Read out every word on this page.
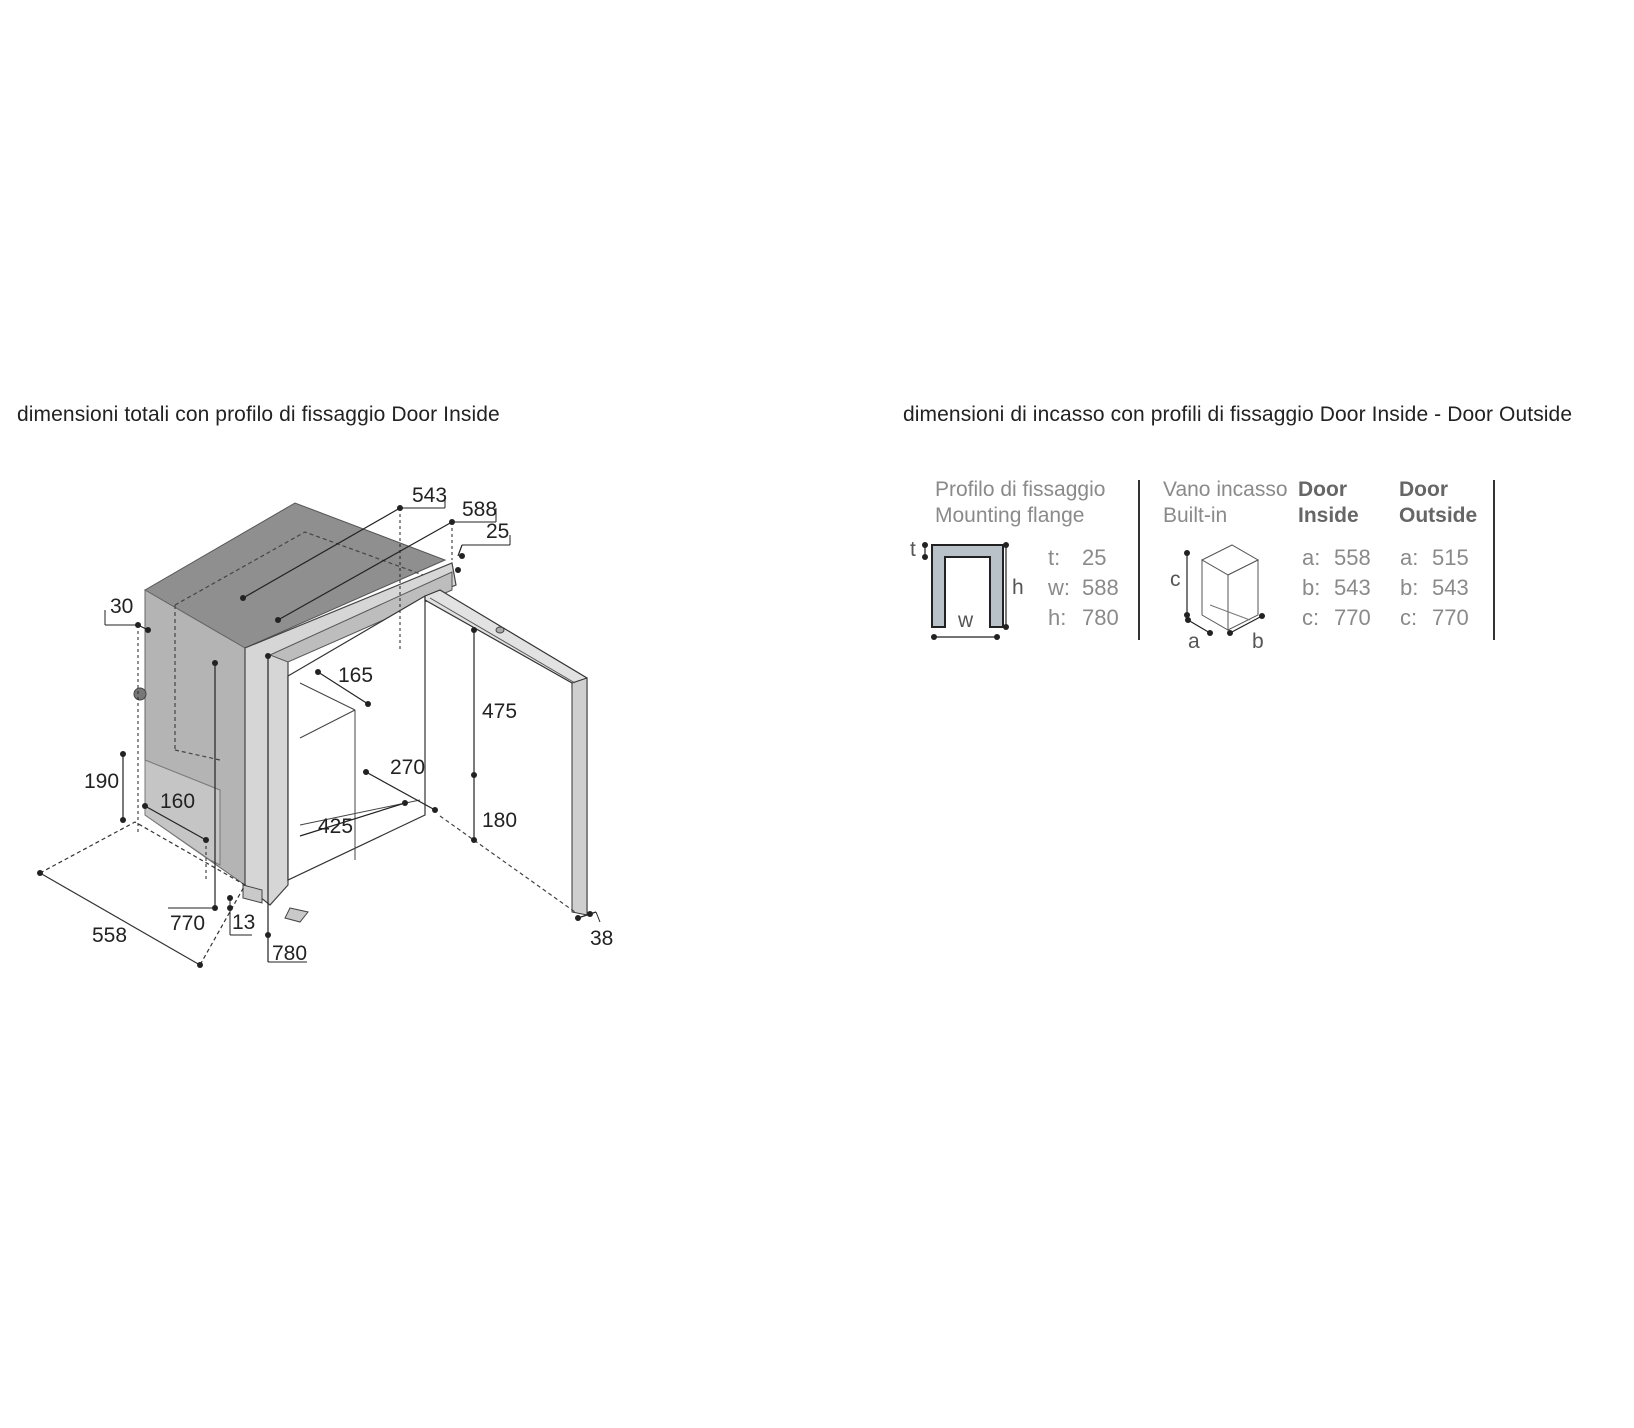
dimensioni totali con profilo di fissaggio Door Inside	dimensioni di incasso con profili di fissaggio Door Inside - Door Outside
558
543
588
25
30
190
160
770 13
780
165
270
425
475
180
38
Profilo di fissaggio
Mounting flange
t
h
w
t: 25
w: 588
h: 780
Vano incasso
Built-in
c
a b
Door
Inside
a: 558
b: 543
c: 770
Door
Outside
a: 515
b: 543
c: 770
